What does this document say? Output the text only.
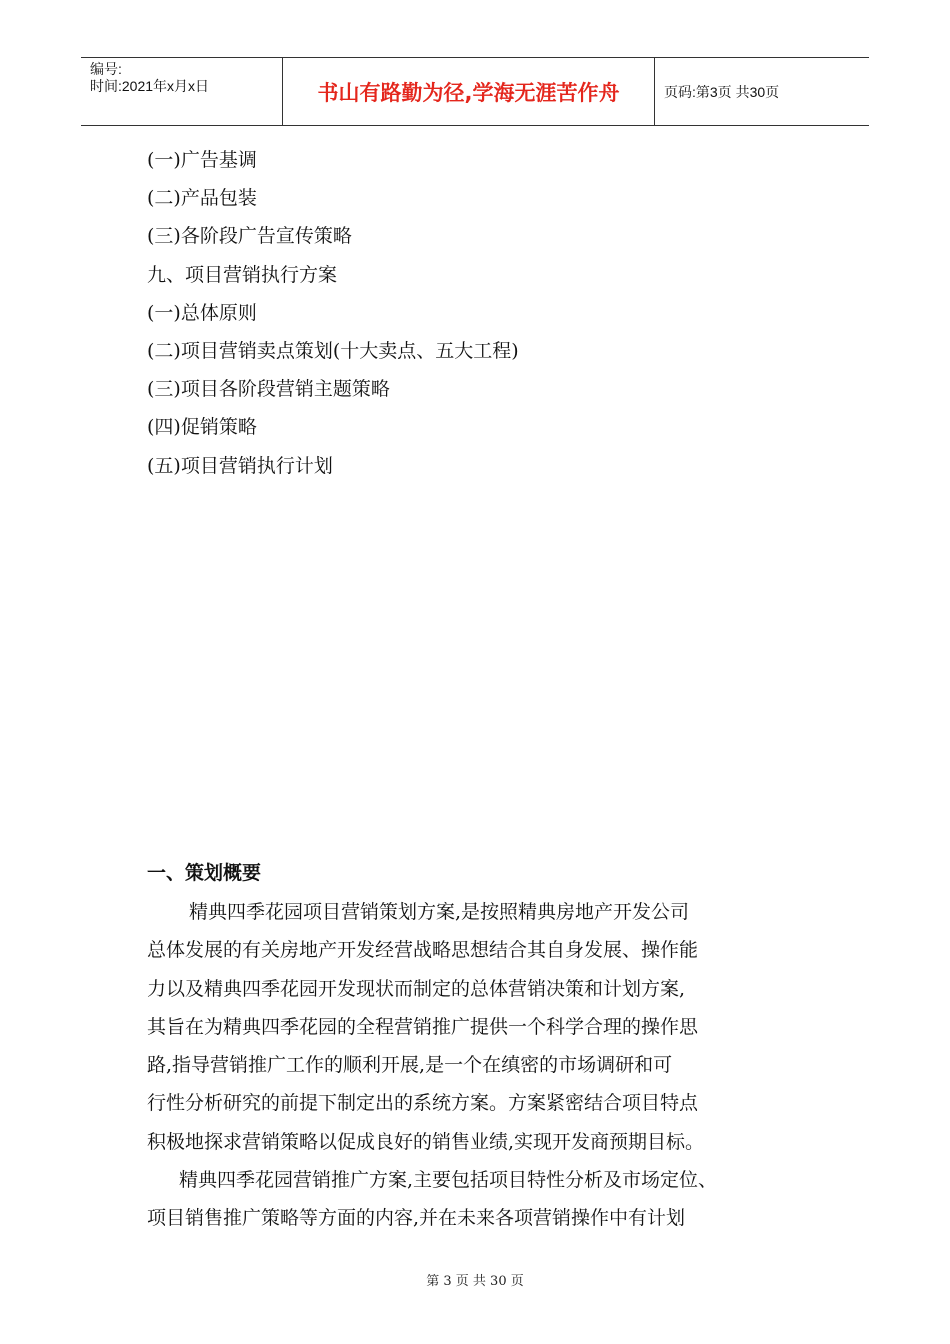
编号:
时间:2021年x月x日	书山有路勤为径,学海无涯苦作舟	页码:第3页 共30页
(一)广告基调
(二)产品包装
(三)各阶段广告宣传策略
九、项目营销执行方案
(一)总体原则
(二)项目营销卖点策划(十大卖点、五大工程)
(三)项目各阶段营销主题策略
(四)促销策略
(五)项目营销执行计划
一、策划概要
精典四季花园项目营销策划方案,是按照精典房地产开发公司
总体发展的有关房地产开发经营战略思想结合其自身发展、操作能
力以及精典四季花园开发现状而制定的总体营销决策和计划方案,
其旨在为精典四季花园的全程营销推广提供一个科学合理的操作思
路,指导营销推广工作的顺利开展,是一个在缜密的市场调研和可
行性分析研究的前提下制定出的系统方案。方案紧密结合项目特点
积极地探求营销策略以促成良好的销售业绩,实现开发商预期目标。
精典四季花园营销推广方案,主要包括项目特性分析及市场定位、
项目销售推广策略等方面的内容,并在未来各项营销操作中有计划
第 3 页 共 30 页
